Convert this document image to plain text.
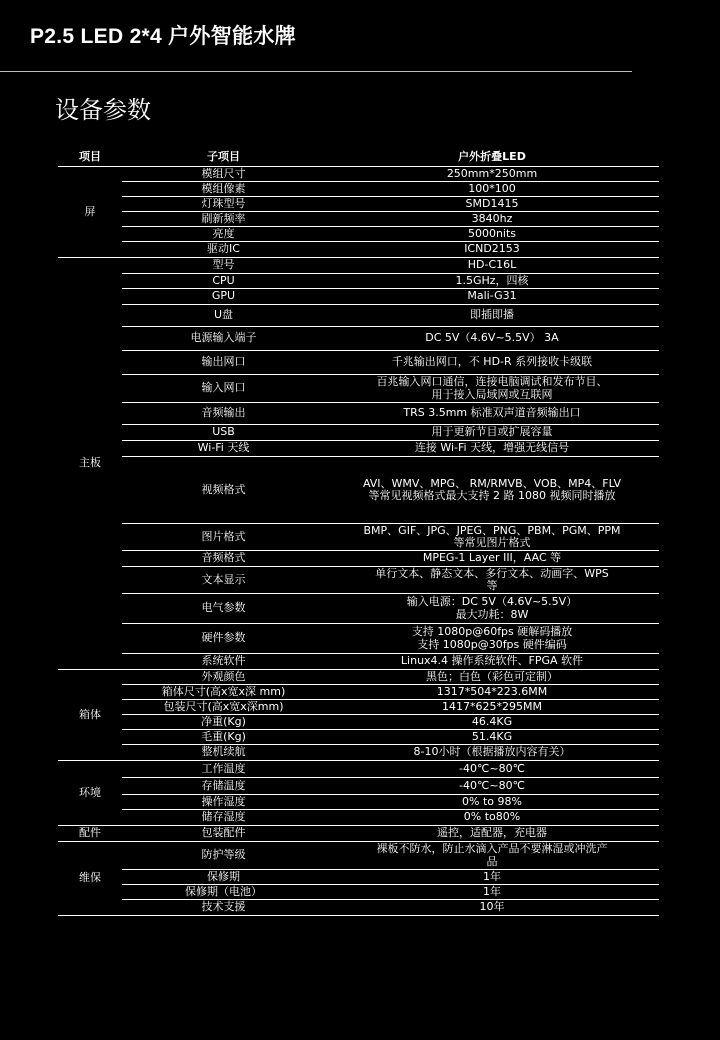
P2.5 LED 2*4 户外智能水牌
设备参数
项目	子项目	户外折叠LED
屏	模组尺寸	250mm*250mm

	模组像素	100*100

	灯珠型号	SMD1415

	刷新频率	3840hz

	亮度	5000nits

	驱动IC	ICND2153

主板	型号	HD-C16L

	CPU	1.5GHz，四核

	GPU	Mali-G31

	U盘	即插即播

	电源输入端子	DC 5V（4.6V~5.5V） 3A

	输出网口	千兆输出网口，不 HD-R 系列接收卡级联

	输入网口	百兆输入网口通信，连接电脑调试和发布节目、
用于接入局域网或互联网

	音频输出	TRS 3.5mm 标准双声道音频输出口

	USB	用于更新节目或扩展容量

	Wi-Fi 天线	连接 Wi-Fi 天线，增强无线信号

	视频格式	AVI、WMV、MPG、 RM/RMVB、VOB、MP4、FLV
等常见视频格式最大支持 2 路 1080 视频同时播放

	图片格式	BMP、GIF、JPG、JPEG、PNG、PBM、PGM、PPM
等常见图片格式

	音频格式	MPEG-1 Layer III，AAC 等

	文本显示	单行文本、静态文本、多行文本、动画字、WPS
等

	电气参数	输入电源：DC 5V（4.6V~5.5V）
最大功耗：8W

	硬件参数	支持 1080p@60fps 硬解码播放
支持 1080p@30fps 硬件编码

	系统软件	Linux4.4 操作系统软件、FPGA 软件

箱体	外观颜色	黑色；白色（彩色可定制）

	箱体尺寸(高x宽x深 mm)	1317*504*223.6MM

	包装尺寸(高x宽x深mm)	1417*625*295MM

	净重(Kg)	46.4KG

	毛重(Kg)	51.4KG

	整机续航	8-10小时（根据播放内容有关）

环境	工作温度	-40℃~80℃

	存储温度	-40℃~80℃

	操作湿度	0% to 98%

	储存湿度	0% to80%

配件	包装配件	遥控，适配器，充电器

维保	防护等级	裸板不防水，防止水滴入产品不要淋湿或冲洗产
品

	保修期	1年

	保修期（电池）	1年

	技术支援	10年
